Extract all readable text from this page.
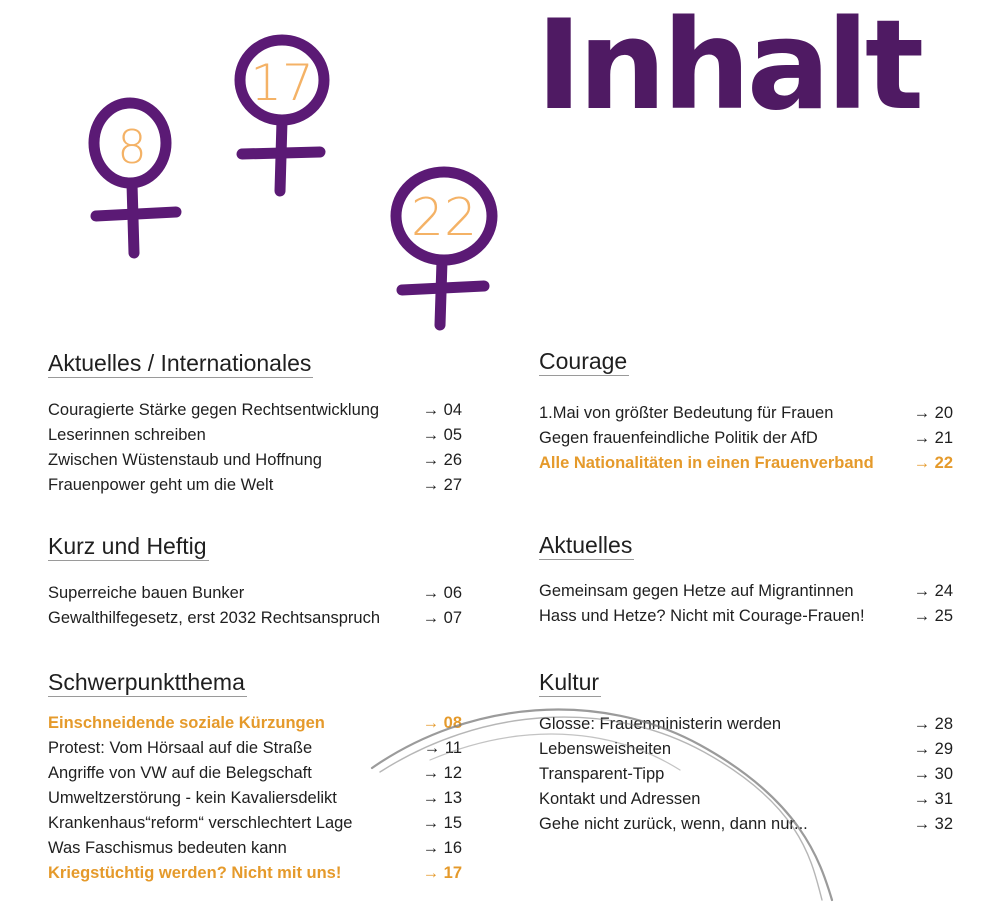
8
17
22
Inhalt
Aktuelles / Internationales
Couragierte Stärke gegen Rechtsentwicklung	→ 04
Leserinnen schreiben	→ 05
Zwischen Wüstenstaub und Hoffnung	→ 26
Frauenpower geht um die Welt	→ 27
Kurz und Heftig
Superreiche bauen Bunker	→ 06
Gewalthilfegesetz, erst 2032 Rechtsanspruch	→ 07
Schwerpunktthema
Einschneidende soziale Kürzungen	→ 08
Protest: Vom Hörsaal auf die Straße	→ 11
Angriffe von VW auf die Belegschaft	→ 12
Umweltzerstörung - kein Kavaliersdelikt	→ 13
Krankenhaus“reform“ verschlechtert Lage	→ 15
Was Faschismus bedeuten kann	→ 16
Kriegstüchtig werden? Nicht mit uns!	→ 17
Courage
1.Mai von größter Bedeutung für Frauen	→ 20
Gegen frauenfeindliche Politik der AfD	→ 21
Alle Nationalitäten in einen Frauenverband → 22
Aktuelles
Gemeinsam gegen Hetze auf Migrantinnen	→ 24
Hass und Hetze? Nicht mit Courage-Frauen!	→ 25
Kultur
Glosse: Frauenministerin werden	→ 28
Lebensweisheiten	→ 29
Transparent-Tipp	→ 30
Kontakt und Adressen	→ 31
Gehe nicht zurück, wenn, dann nur...	→ 32
